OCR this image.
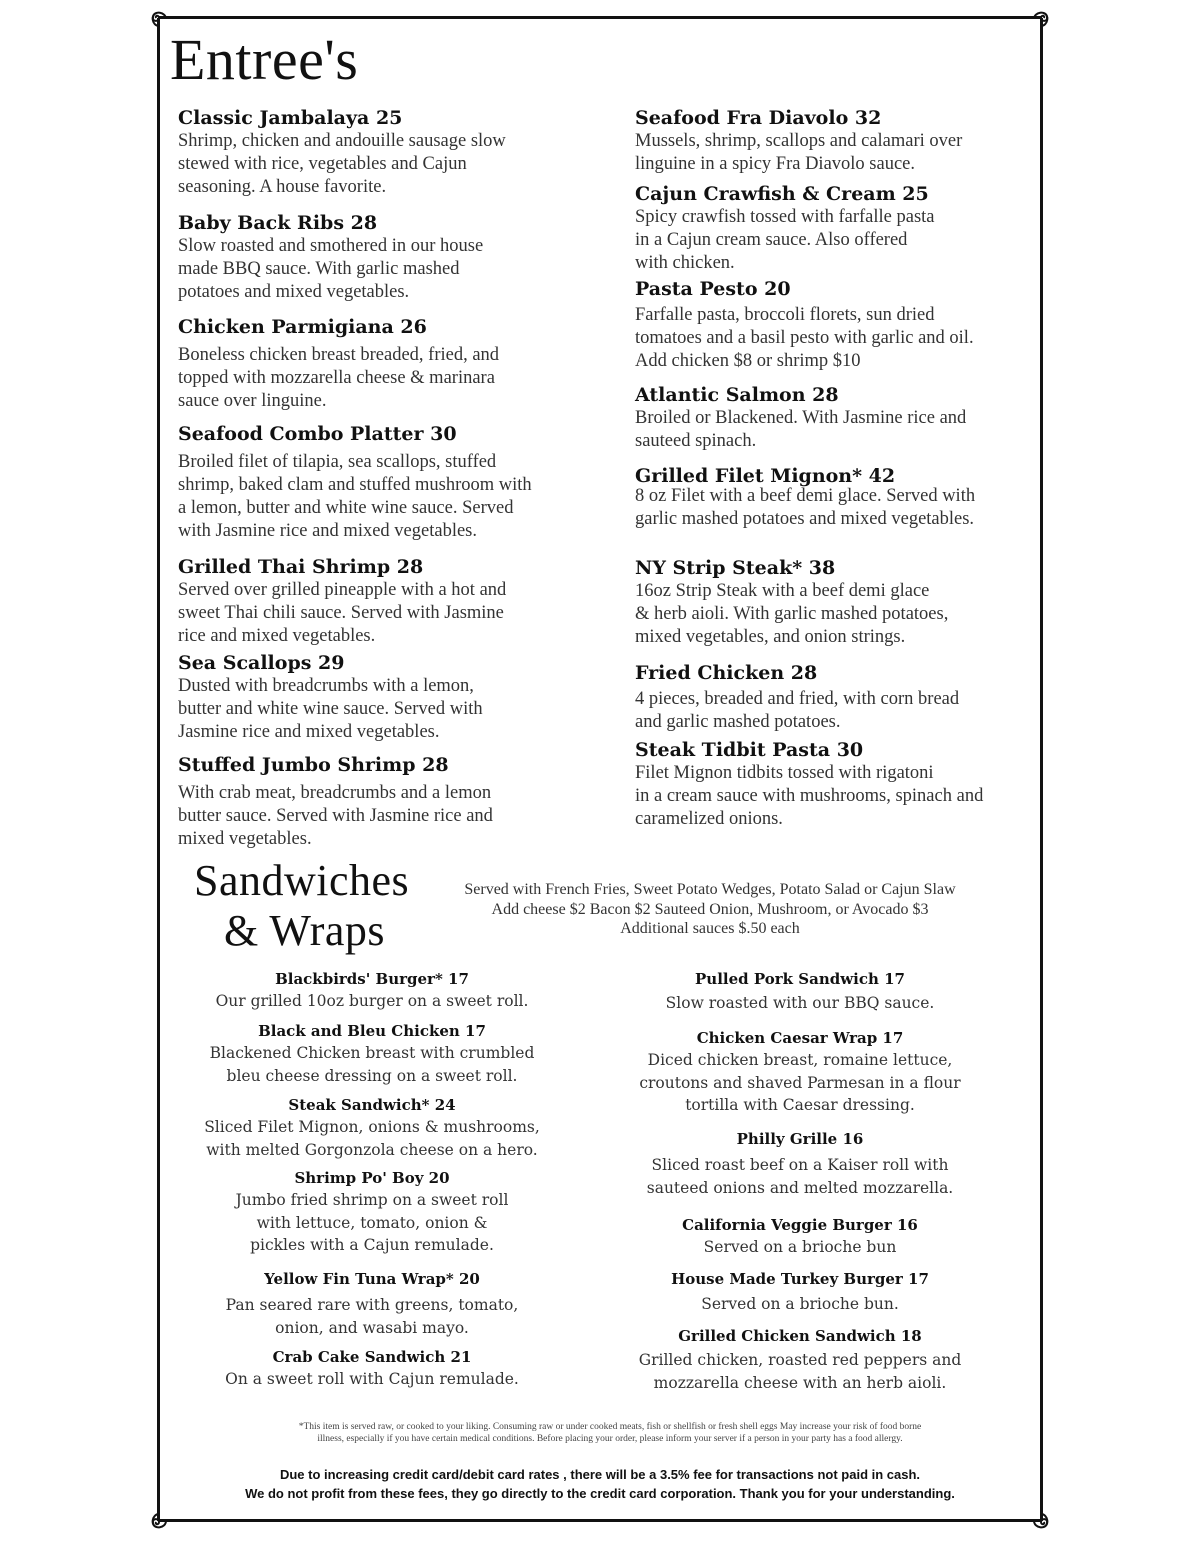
Entree's
Classic Jambalaya 25
Shrimp, chicken and andouille sausage slow
stewed with rice, vegetables and Cajun
seasoning. A house favorite.
Baby Back Ribs 28
Slow roasted and smothered in our house
made BBQ sauce. With garlic mashed
potatoes and mixed vegetables.
Chicken Parmigiana 26
Boneless chicken breast breaded, fried, and
topped with mozzarella cheese & marinara
sauce over linguine.
Seafood Combo Platter 30
Broiled filet of tilapia, sea scallops, stuffed
shrimp, baked clam and stuffed mushroom with
a lemon, butter and white wine sauce. Served
with Jasmine rice and mixed vegetables.
Grilled Thai Shrimp 28
Served over grilled pineapple with a hot and
sweet Thai chili sauce. Served with Jasmine
rice and mixed vegetables.
Sea Scallops 29
Dusted with breadcrumbs with a lemon,
butter and white wine sauce. Served with
Jasmine rice and mixed vegetables.
Stuffed Jumbo Shrimp 28
With crab meat, breadcrumbs and a lemon
butter sauce. Served with Jasmine rice and
mixed vegetables.
Seafood Fra Diavolo 32
Mussels, shrimp, scallops and calamari over
linguine in a spicy Fra Diavolo sauce.
Cajun Crawfish & Cream 25
Spicy crawfish tossed with farfalle pasta
in a Cajun cream sauce. Also offered
with chicken.
Pasta Pesto 20
Farfalle pasta, broccoli florets, sun dried
tomatoes and a basil pesto with garlic and oil.
Add chicken $8 or shrimp $10
Atlantic Salmon 28
Broiled or Blackened. With Jasmine rice and
sauteed spinach.
Grilled Filet Mignon* 42
8 oz Filet with a beef demi glace. Served with
garlic mashed potatoes and mixed vegetables.
NY Strip Steak* 38
16oz Strip Steak with a beef demi glace
& herb aioli. With garlic mashed potatoes,
mixed vegetables, and onion strings.
Fried Chicken 28
4 pieces, breaded and fried, with corn bread
and garlic mashed potatoes.
Steak Tidbit Pasta 30
Filet Mignon tidbits tossed with rigatoni
in a cream sauce with mushrooms, spinach and
caramelized onions.
Sandwiches
& Wraps
Served with French Fries, Sweet Potato Wedges, Potato Salad or Cajun Slaw
Add cheese $2 Bacon $2 Sauteed Onion, Mushroom, or Avocado $3
Additional sauces $.50 each
Blackbirds' Burger* 17
Our grilled 10oz burger on a sweet roll.
Black and Bleu Chicken 17
Blackened Chicken breast with crumbled
bleu cheese dressing on a sweet roll.
Steak Sandwich* 24
Sliced Filet Mignon, onions & mushrooms,
with melted Gorgonzola cheese on a hero.
Shrimp Po' Boy 20
Jumbo fried shrimp on a sweet roll
with lettuce, tomato, onion &
pickles with a Cajun remulade.
Yellow Fin Tuna Wrap* 20
Pan seared rare with greens, tomato,
onion, and wasabi mayo.
Crab Cake Sandwich 21
On a sweet roll with Cajun remulade.
Pulled Pork Sandwich 17
Slow roasted with our BBQ sauce.
Chicken Caesar Wrap 17
Diced chicken breast, romaine lettuce,
croutons and shaved Parmesan in a flour
tortilla with Caesar dressing.
Philly Grille 16
Sliced roast beef on a Kaiser roll with
sauteed onions and melted mozzarella.
California Veggie Burger 16
Served on a brioche bun
House Made Turkey Burger 17
Served on a brioche bun.
Grilled Chicken Sandwich 18
Grilled chicken, roasted red peppers and
mozzarella cheese with an herb aioli.
*This item is served raw, or cooked to your liking. Consuming raw or under cooked meats, fish or shellfish or fresh shell eggs May increase your risk of food borne
illness, especially if you have certain medical conditions. Before placing your order, please inform your server if a person in your party has a food allergy.
Due to increasing credit card/debit card rates , there will be a 3.5% fee for transactions not paid in cash.
We do not profit from these fees, they go directly to the credit card corporation. Thank you for your understanding.
